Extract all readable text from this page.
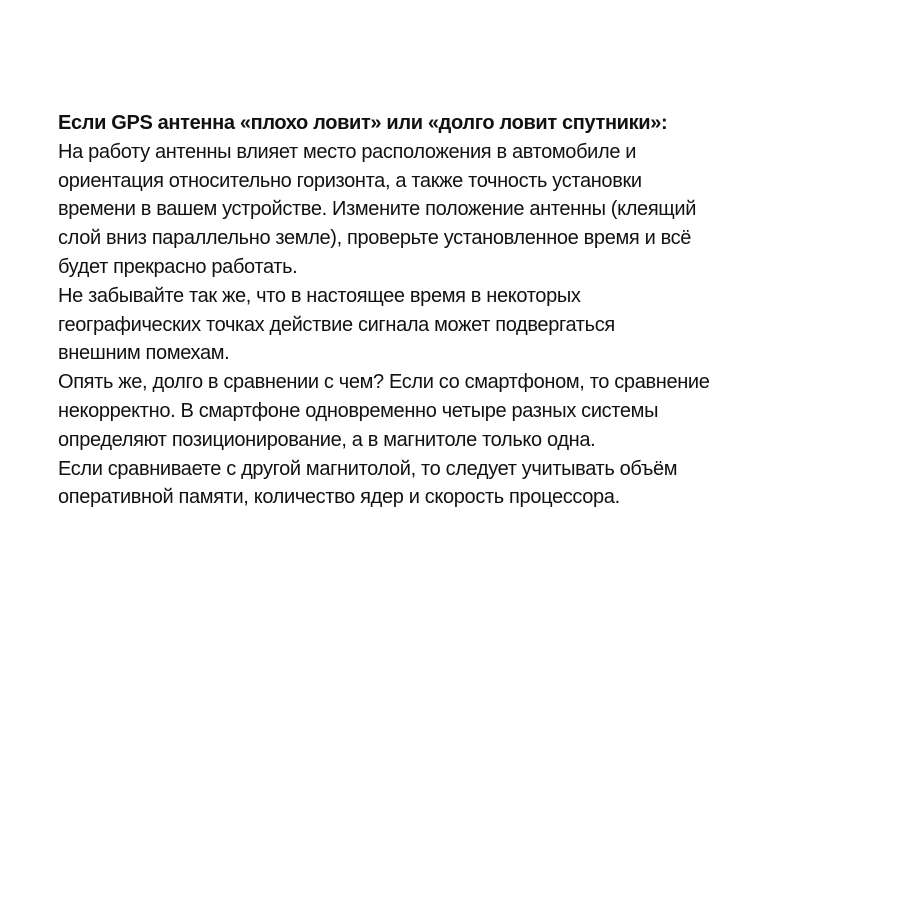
Если GPS антенна «плохо ловит» или «долго ловит спутники»:
На работу антенны влияет место расположения в автомобиле и
ориентация относительно горизонта, а также точность установки
времени в вашем устройстве. Измените положение антенны (клеящий
слой вниз параллельно земле), проверьте установленное время и всё
будет прекрасно работать.
Не забывайте так же, что в настоящее время в некоторых
географических точках действие сигнала может подвергаться
внешним помехам.
Опять же, долго в сравнении с чем? Если со смартфоном, то сравнение
некорректно. В смартфоне одновременно четыре разных системы
определяют позиционирование, а в магнитоле только одна.
Если сравниваете с другой магнитолой, то следует учитывать объём
оперативной памяти, количество ядер и скорость процессора.
